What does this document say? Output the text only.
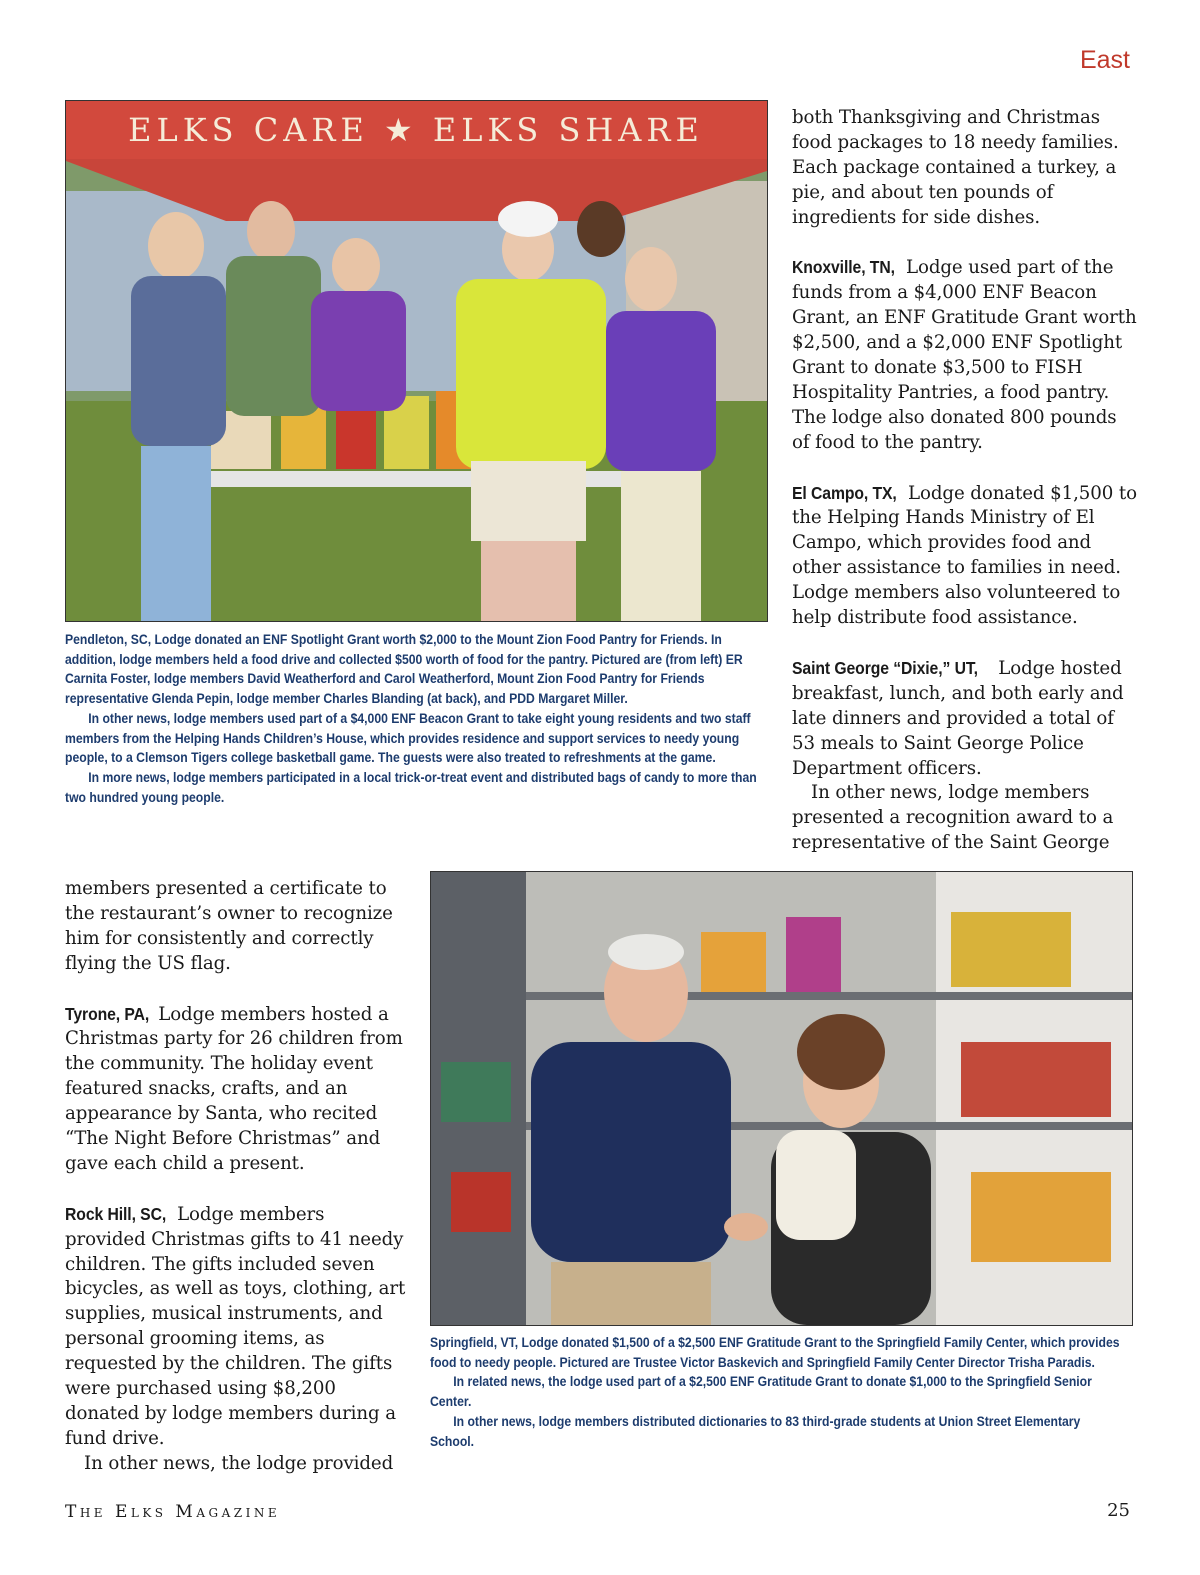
East
ELKS CARE ★ ELKS SHARE

Pendleton, SC, Lodge donated an ENF Spotlight Grant worth $2,000 to the Mount Zion Food Pantry for Friends. In addition, lodge members held a food drive and collected $500 worth of food for the pantry. Pictured are (from left) ER Carnita Foster, lodge members David Weatherford and Carol Weatherford, Mount Zion Food Pantry for Friends representative Glenda Pepin, lodge member Charles Blanding (at back), and PDD Margaret Miller.

In other news, lodge members used part of a $4,000 ENF Beacon Grant to take eight young residents and two staff members from the Helping Hands Children’s House, which provides residence and support services to needy young people, to a Clemson Tigers college basketball game. The guests were also treated to refreshments at the game.

In more news, lodge members participated in a local trick-or-treat event and distributed bags of candy to more than two hundred young people.

both Thanksgiving and Christmas food packages to 18 needy families. Each package contained a turkey, a pie, and about ten pounds of ingredients for side dishes.

Knoxville, TN, Lodge used part of the funds from a $4,000 ENF Beacon Grant, an ENF Gratitude Grant worth $2,500, and a $2,000 ENF Spotlight Grant to donate $3,500 to FISH Hospitality Pantries, a food pantry. The lodge also donated 800 pounds of food to the pantry.

El Campo, TX, Lodge donated $1,500 to the Helping Hands Ministry of El Campo, which provides food and other assistance to families in need. Lodge members also volunteered to help distribute food assistance.

Saint George “Dixie,” UT, Lodge hosted breakfast, lunch, and both early and late dinners and provided a total of 53 meals to Saint George Police Department officers.

In other news, lodge members presented a recognition award to a representative of the Saint George

Springfield, VT, Lodge donated $1,500 of a $2,500 ENF Gratitude Grant to the Springfield Family Center, which provides food to needy people. Pictured are Trustee Victor Baskevich and Springfield Family Center Director Trisha Paradis.

In related news, the lodge used part of a $2,500 ENF Gratitude Grant to donate $1,000 to the Springfield Senior Center.

In other news, lodge members distributed dictionaries to 83 third-grade students at Union Street Elementary School.

members presented a certificate to the restaurant’s owner to recognize him for consistently and correctly flying the US flag.

Tyrone, PA, Lodge members hosted a Christmas party for 26 children from the community. The holiday event featured snacks, crafts, and an appearance by Santa, who recited “The Night Before Christmas” and gave each child a present.

Rock Hill, SC, Lodge members provided Christmas gifts to 41 needy children. The gifts included seven bicycles, as well as toys, clothing, art supplies, musical instruments, and personal grooming items, as requested by the children. The gifts were purchased using $8,200 donated by lodge members during a fund drive.

In other news, the lodge provided

The Elks Magazine	25
